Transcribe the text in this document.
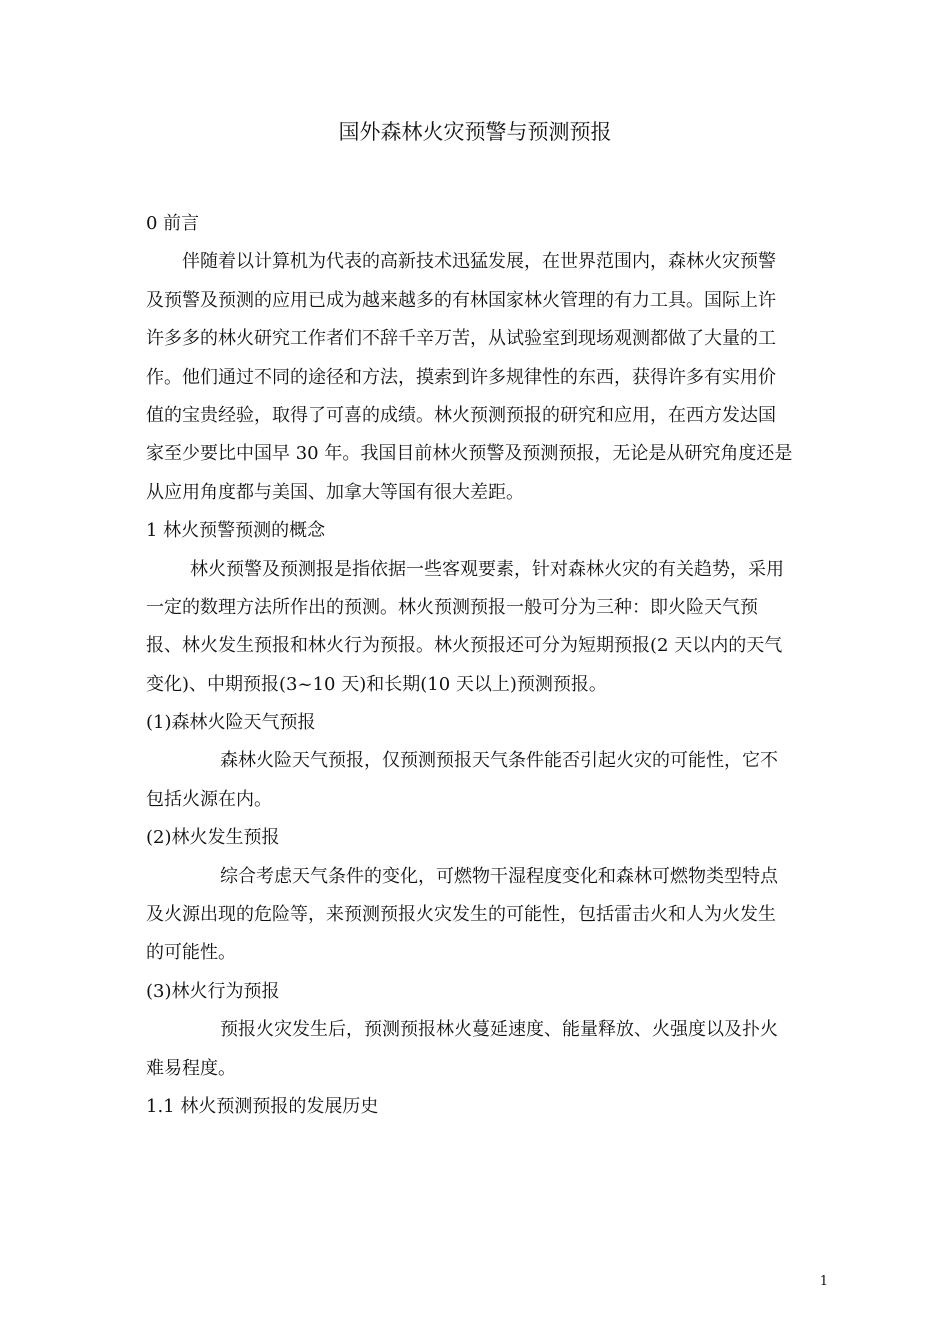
国外森林火灾预警与预测预报
0 前言
伴随着以计算机为代表的高新技术迅猛发展，在世界范围内，森林火灾预警
及预警及预测的应用已成为越来越多的有林国家林火管理的有力工具。国际上许
许多多的林火研究工作者们不辞千辛万苦，从试验室到现场观测都做了大量的工
作。他们通过不同的途径和方法，摸索到许多规律性的东西，获得许多有实用价
值的宝贵经验，取得了可喜的成绩。林火预测预报的研究和应用，在西方发达国
家至少要比中国早 30 年。我国目前林火预警及预测预报，无论是从研究角度还是
从应用角度都与美国、加拿大等国有很大差距。
1 林火预警预测的概念
林火预警及预测报是指依据一些客观要素，针对森林火灾的有关趋势，采用
一定的数理方法所作出的预测。林火预测预报一般可分为三种：即火险天气预
报、林火发生预报和林火行为预报。林火预报还可分为短期预报(2 天以内的天气
变化)、中期预报(3~10 天)和长期(10 天以上)预测预报。
(1)森林火险天气预报
森林火险天气预报，仅预测预报天气条件能否引起火灾的可能性，它不
包括火源在内。
(2)林火发生预报
综合考虑天气条件的变化，可燃物干湿程度变化和森林可燃物类型特点
及火源出现的危险等，来预测预报火灾发生的可能性，包括雷击火和人为火发生
的可能性。
(3)林火行为预报
预报火灾发生后，预测预报林火蔓延速度、能量释放、火强度以及扑火
难易程度。
1.1 林火预测预报的发展历史
1
